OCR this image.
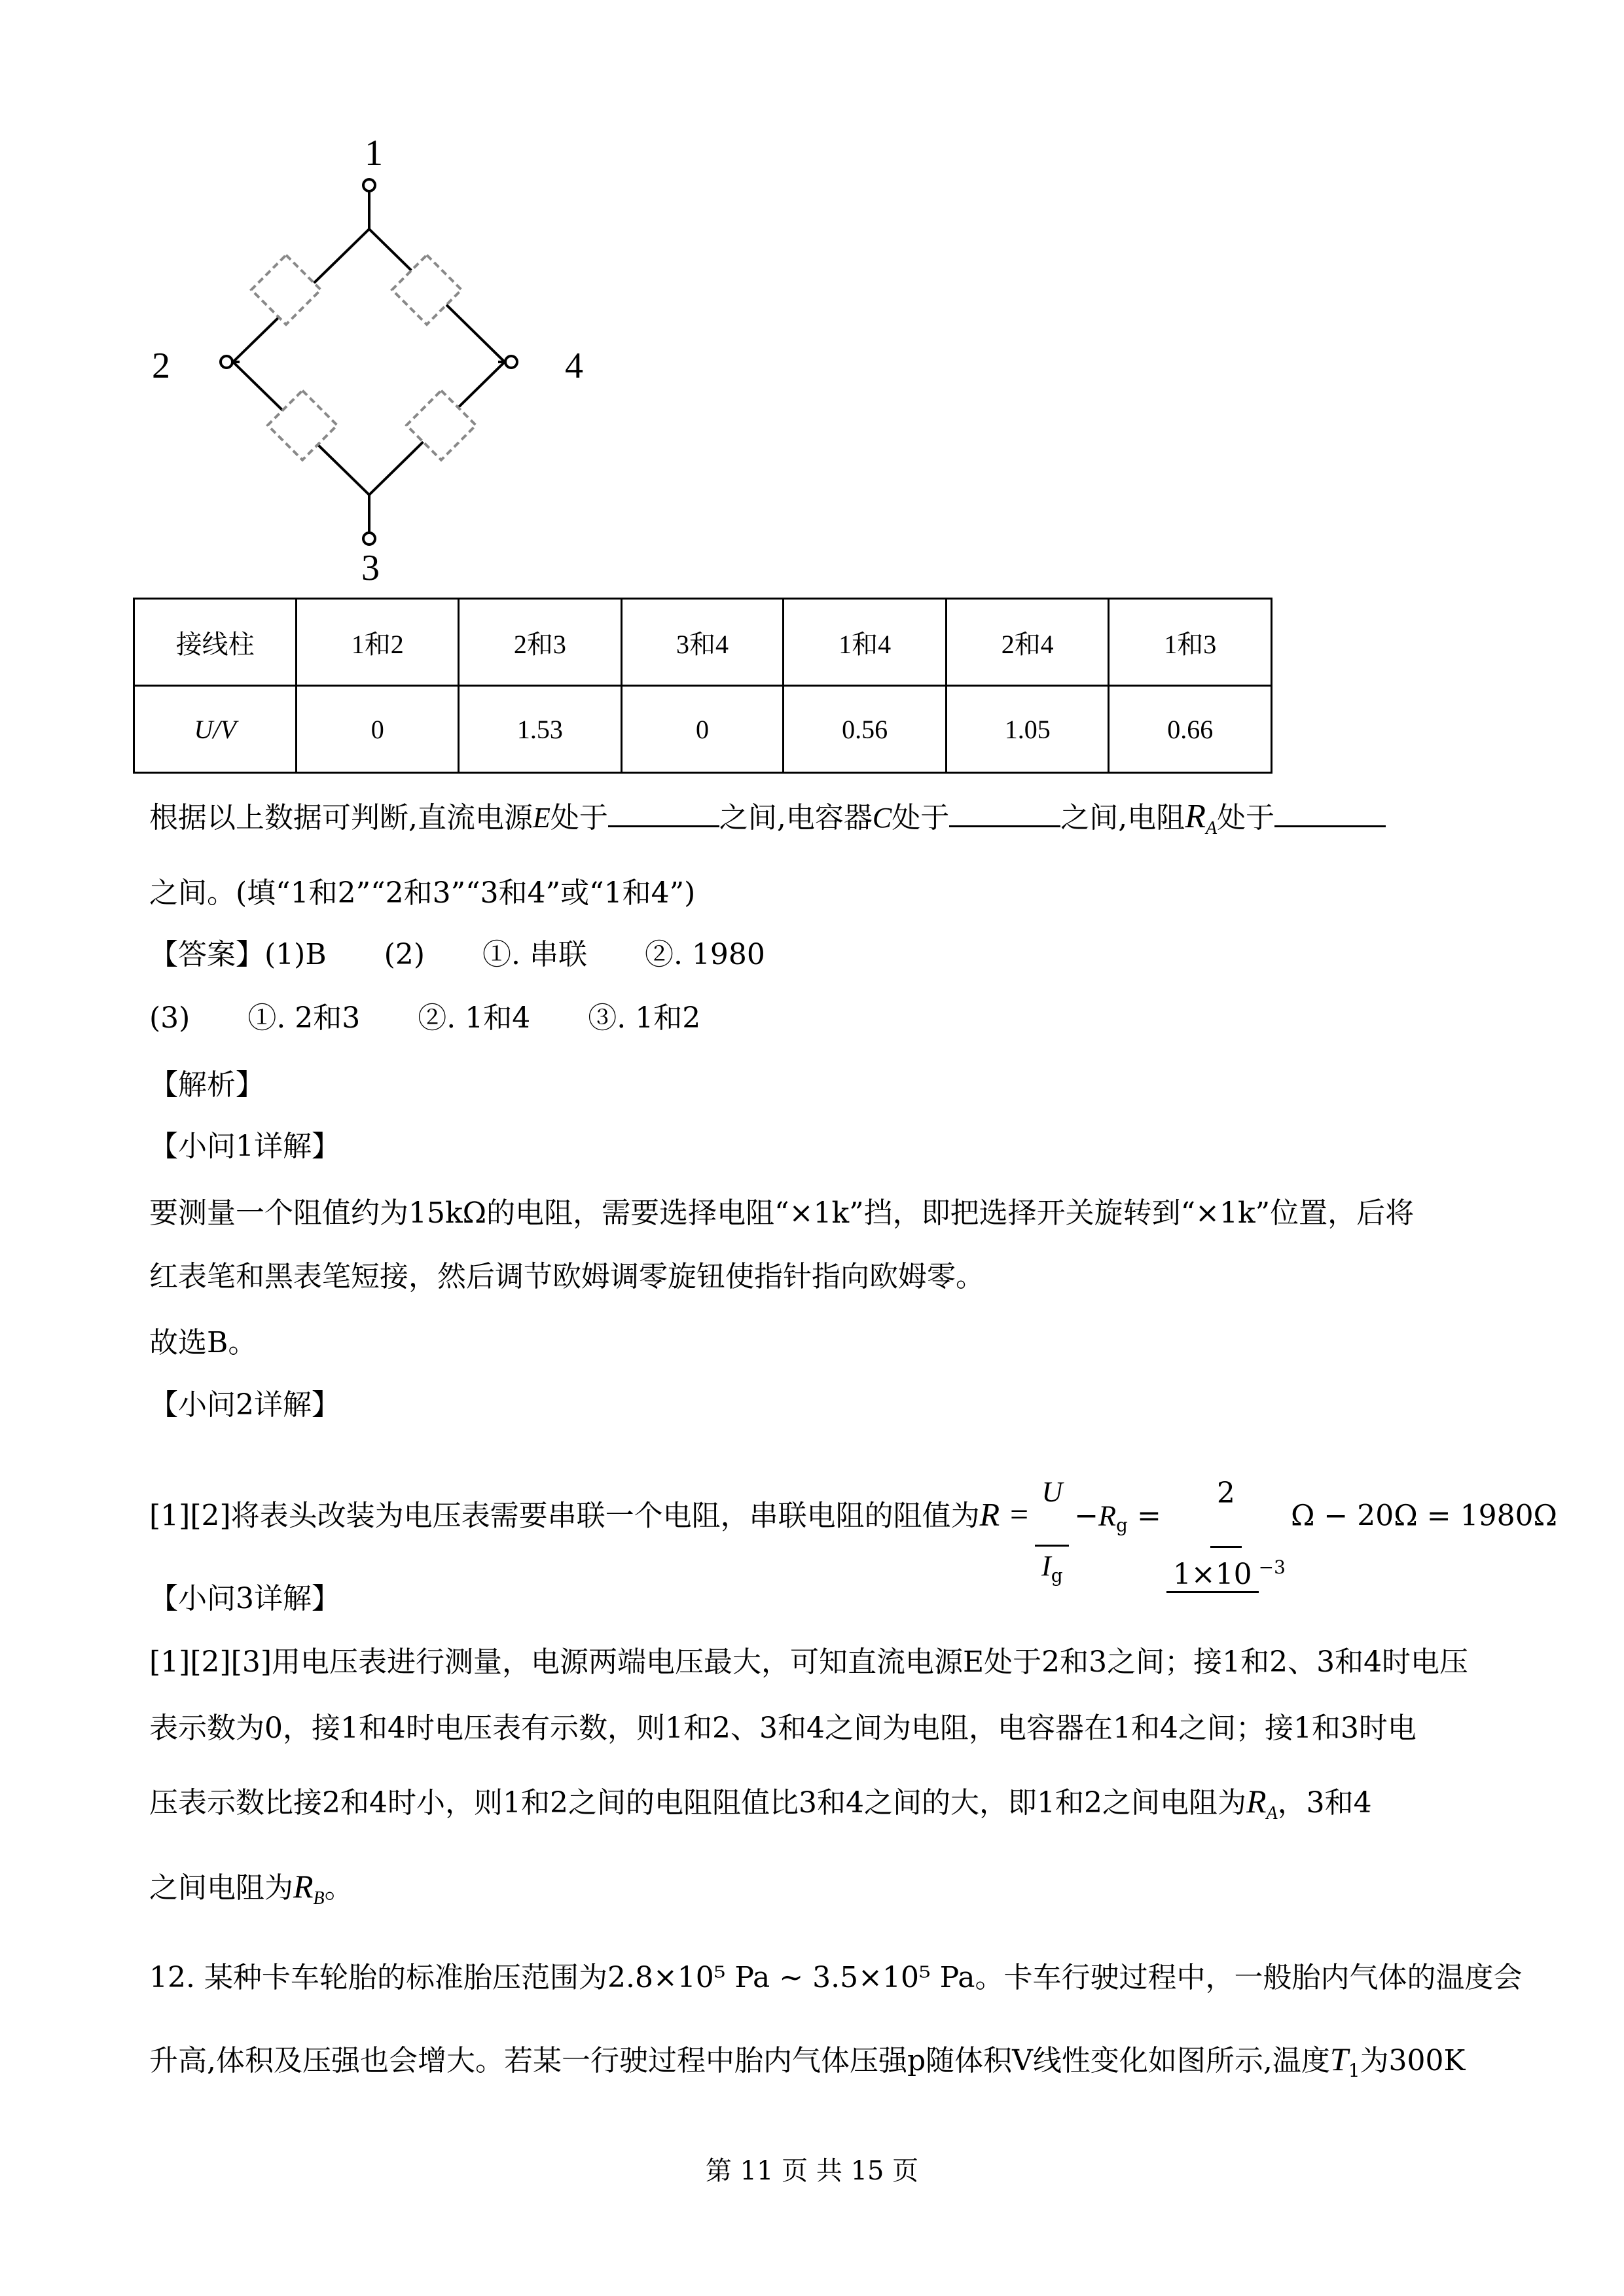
1
2
3
4
接线柱	1和2	2和3	3和4	1和4	2和4	1和3
U/V	0	1.53	0	0.56	1.05	0.66
根据以上数据可判断,直流电源E处于	之间,电容器C处于	之间,电阻$R_A$处于
之间。(填“1和2”“2和3”“3和4”或“1和4”)
【答案】(1)B　　(2)　　①. 串联　　②. 1980
(3)　　①. 2和3　　②. 1和4　　③. 1和2
【解析】
【小问1详解】
要测量一个阻值约为15kΩ的电阻，需要选择电阻“×1k”挡，即把选择开关旋转到“×1k”位置，后将
红表笔和黑表笔短接，然后调节欧姆调零旋钮使指针指向欧姆零。
故选B。
【小问2详解】
[1][2]将表头改装为电压表需要串联一个电阻，串联电阻的阻值为$R = \frac{U}{I_g} -R_g = \frac{2}{1\times 10 ^{-3}}$ Ω − 20Ω = 1980Ω
【小问3详解】
[1][2][3]用电压表进行测量，电源两端电压最大，可知直流电源E处于2和3之间；接1和2、3和4时电压
表示数为0，接1和4时电压表有示数，则1和2、3和4之间为电阻，电容器在1和4之间；接1和3时电
压表示数比接2和4时小，则1和2之间的电阻阻值比3和4之间的大，即1和2之间电阻为$R_A$，3和4
之间电阻为$R_B$。
12. 某种卡车轮胎的标准胎压范围为2.8×10⁵ Pa ~ 3.5×10⁵ Pa。卡车行驶过程中，一般胎内气体的温度会
升高,体积及压强也会增大。若某一行驶过程中胎内气体压强p随体积V线性变化如图所示,温度$T_1$为300K
第 11 页 共 15 页
